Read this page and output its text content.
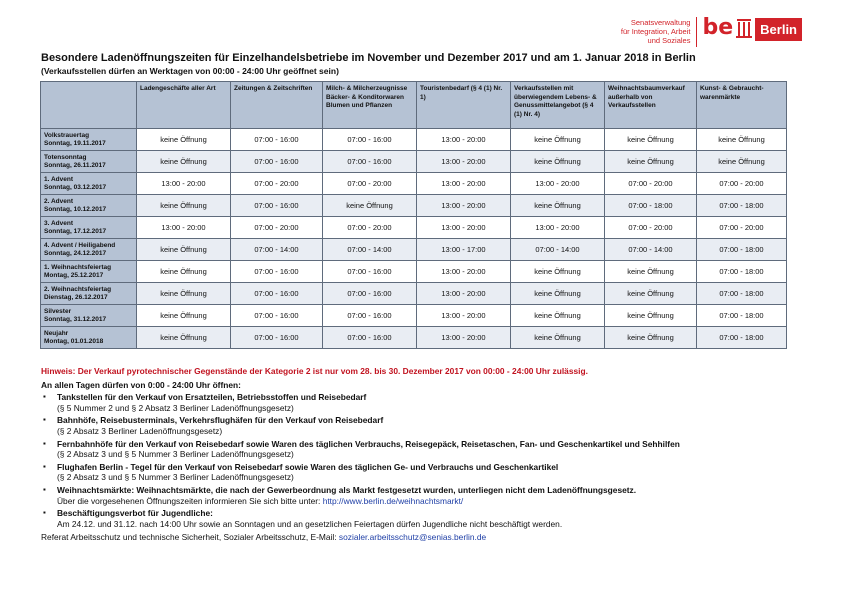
Senatsverwaltung
für Integration, Arbeit
und Soziales
be	Berlin
Besondere Ladenöffnungszeiten für Einzelhandelsbetriebe im November und Dezember 2017 und am 1. Januar 2018 in Berlin
(Verkaufsstellen dürfen an Werktagen von 00:00 - 24:00 Uhr geöffnet sein)
	Ladengeschäfte aller Art	Zeitungen & Zeitschriften	Milch- & Milcherzeugnisse Bäcker- & Konditorwaren Blumen und Pflanzen	Touristenbedarf (§ 4 (1) Nr. 1)	Verkaufsstellen mit überwiegendem Lebens- & Genussmittelangebot (§ 4 (1) Nr. 4)	Weihnachtsbaumverkauf außerhalb von Verkaufsstellen	Kunst- & Gebraucht-warenmärkte

Volkstrauertag
Sonntag, 19.11.2017	keine Öffnung	07:00 - 16:00	07:00 - 16:00	13:00 - 20:00	keine Öffnung	keine Öffnung	keine Öffnung

Totensonntag
Sonntag, 26.11.2017	keine Öffnung	07:00 - 16:00	07:00 - 16:00	13:00 - 20:00	keine Öffnung	keine Öffnung	keine Öffnung

1. Advent
Sonntag, 03.12.2017	13:00 - 20:00	07:00 - 20:00	07:00 - 20:00	13:00 - 20:00	13:00 - 20:00	07:00 - 20:00	07:00 - 20:00

2. Advent
Sonntag, 10.12.2017	keine Öffnung	07:00 - 16:00	keine Öffnung	13:00 - 20:00	keine Öffnung	07:00 - 18:00	07:00 - 18:00

3. Advent
Sonntag, 17.12.2017	13:00 - 20:00	07:00 - 20:00	07:00 - 20:00	13:00 - 20:00	13:00 - 20:00	07:00 - 20:00	07:00 - 20:00

4. Advent / Heiligabend
Sonntag, 24.12.2017	keine Öffnung	07:00 - 14:00	07:00 - 14:00	13:00 - 17:00	07:00 - 14:00	07:00 - 14:00	07:00 - 18:00

1. Weihnachtsfeiertag
Montag, 25.12.2017	keine Öffnung	07:00 - 16:00	07:00 - 16:00	13:00 - 20:00	keine Öffnung	keine Öffnung	07:00 - 18:00

2. Weihnachtsfeiertag
Dienstag, 26.12.2017	keine Öffnung	07:00 - 16:00	07:00 - 16:00	13:00 - 20:00	keine Öffnung	keine Öffnung	07:00 - 18:00

Silvester
Sonntag, 31.12.2017	keine Öffnung	07:00 - 16:00	07:00 - 16:00	13:00 - 20:00	keine Öffnung	keine Öffnung	07:00 - 18:00

Neujahr
Montag, 01.01.2018	keine Öffnung	07:00 - 16:00	07:00 - 16:00	13:00 - 20:00	keine Öffnung	keine Öffnung	07:00 - 18:00
Hinweis: Der Verkauf pyrotechnischer Gegenstände der Kategorie 2 ist nur vom 28. bis 30. Dezember 2017 von 00:00 - 24:00 Uhr zulässig.
An allen Tagen dürfen von 0:00 - 24:00 Uhr öffnen:
▪ Tankstellen für den Verkauf von Ersatzteilen, Betriebsstoffen und Reisebedarf
(§ 5 Nummer 2 und § 2 Absatz 3 Berliner Ladenöffnungsgesetz)
▪ Bahnhöfe, Reisebusterminals, Verkehrsflughäfen für den Verkauf von Reisebedarf
(§ 2 Absatz 3 Berliner Ladenöffnungsgesetz)
▪ Fernbahnhöfe für den Verkauf von Reisebedarf sowie Waren des täglichen Verbrauchs, Reisegepäck, Reisetaschen, Fan- und Geschenkartikel und Sehhilfen
(§ 2 Absatz 3 und § 5 Nummer 3 Berliner Ladenöffnungsgesetz)
▪ Flughafen Berlin - Tegel für den Verkauf von Reisebedarf sowie Waren des täglichen Ge- und Verbrauchs und Geschenkartikel
(§ 2 Absatz 3 und § 5 Nummer 3 Berliner Ladenöffnungsgesetz)
▪ Weihnachtsmärkte: Weihnachtsmärkte, die nach der Gewerbeordnung als Markt festgesetzt wurden, unterliegen nicht dem Ladenöffnungsgesetz.
Über die vorgesehenen Öffnungszeiten informieren Sie sich bitte unter: http://www.berlin.de/weihnachtsmarkt/
▪ Beschäftigungsverbot für Jugendliche:
Am 24.12. und 31.12. nach 14:00 Uhr sowie an Sonntagen und an gesetzlichen Feiertagen dürfen Jugendliche nicht beschäftigt werden.
Referat Arbeitsschutz und technische Sicherheit, Sozialer Arbeitsschutz, E-Mail: sozialer.arbeitsschutz@senias.berlin.de
